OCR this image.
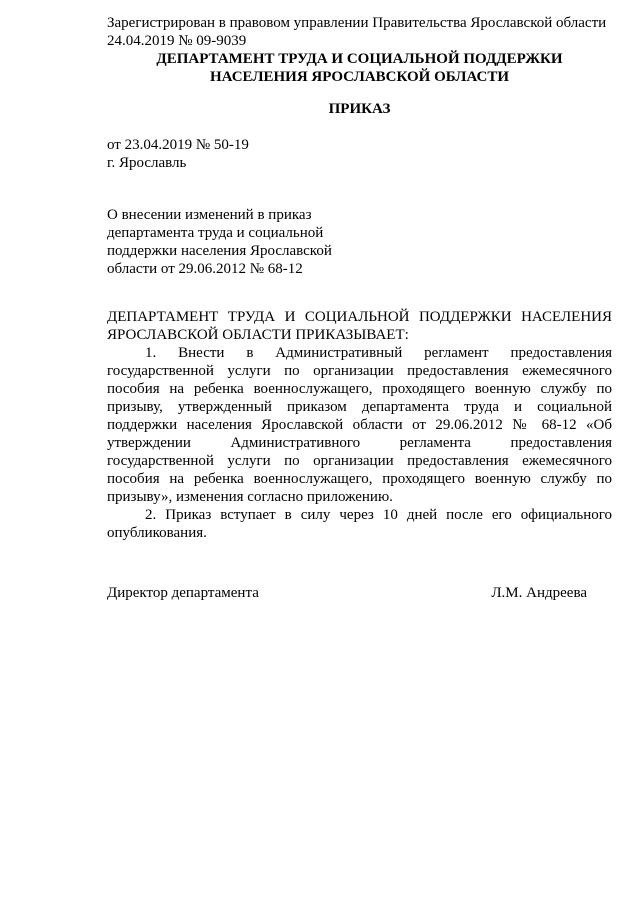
Зарегистрирован в правовом управлении Правительства Ярославской области
24.04.2019 № 09-9039
ДЕПАРТАМЕНТ ТРУДА И СОЦИАЛЬНОЙ ПОДДЕРЖКИ
НАСЕЛЕНИЯ ЯРОСЛАВСКОЙ ОБЛАСТИ
ПРИКАЗ
от 23.04.2019 № 50-19
г. Ярославль
О внесении изменений в приказ
департамента труда и социальной
поддержки населения Ярославской
области от 29.06.2012 № 68-12
ДЕПАРТАМЕНТ ТРУДА И СОЦИАЛЬНОЙ ПОДДЕРЖКИ НАСЕЛЕНИЯ ЯРОСЛАВСКОЙ ОБЛАСТИ ПРИКАЗЫВАЕТ:

1. Внести в Административный регламент предоставления государственной услуги по организации предоставления ежемесячного пособия на ребенка военнослужащего, проходящего военную службу по призыву, утвержденный приказом департамента труда и социальной поддержки населения Ярославской области от 29.06.2012 № 68-12 «Об утверждении Административного регламента предоставления государственной услуги по организации предоставления ежемесячного пособия на ребенка военнослужащего, проходящего военную службу по призыву», изменения согласно приложению.

2. Приказ вступает в силу через 10 дней после его официального опубликования.

Директор департамента	Л.М. Андреева
